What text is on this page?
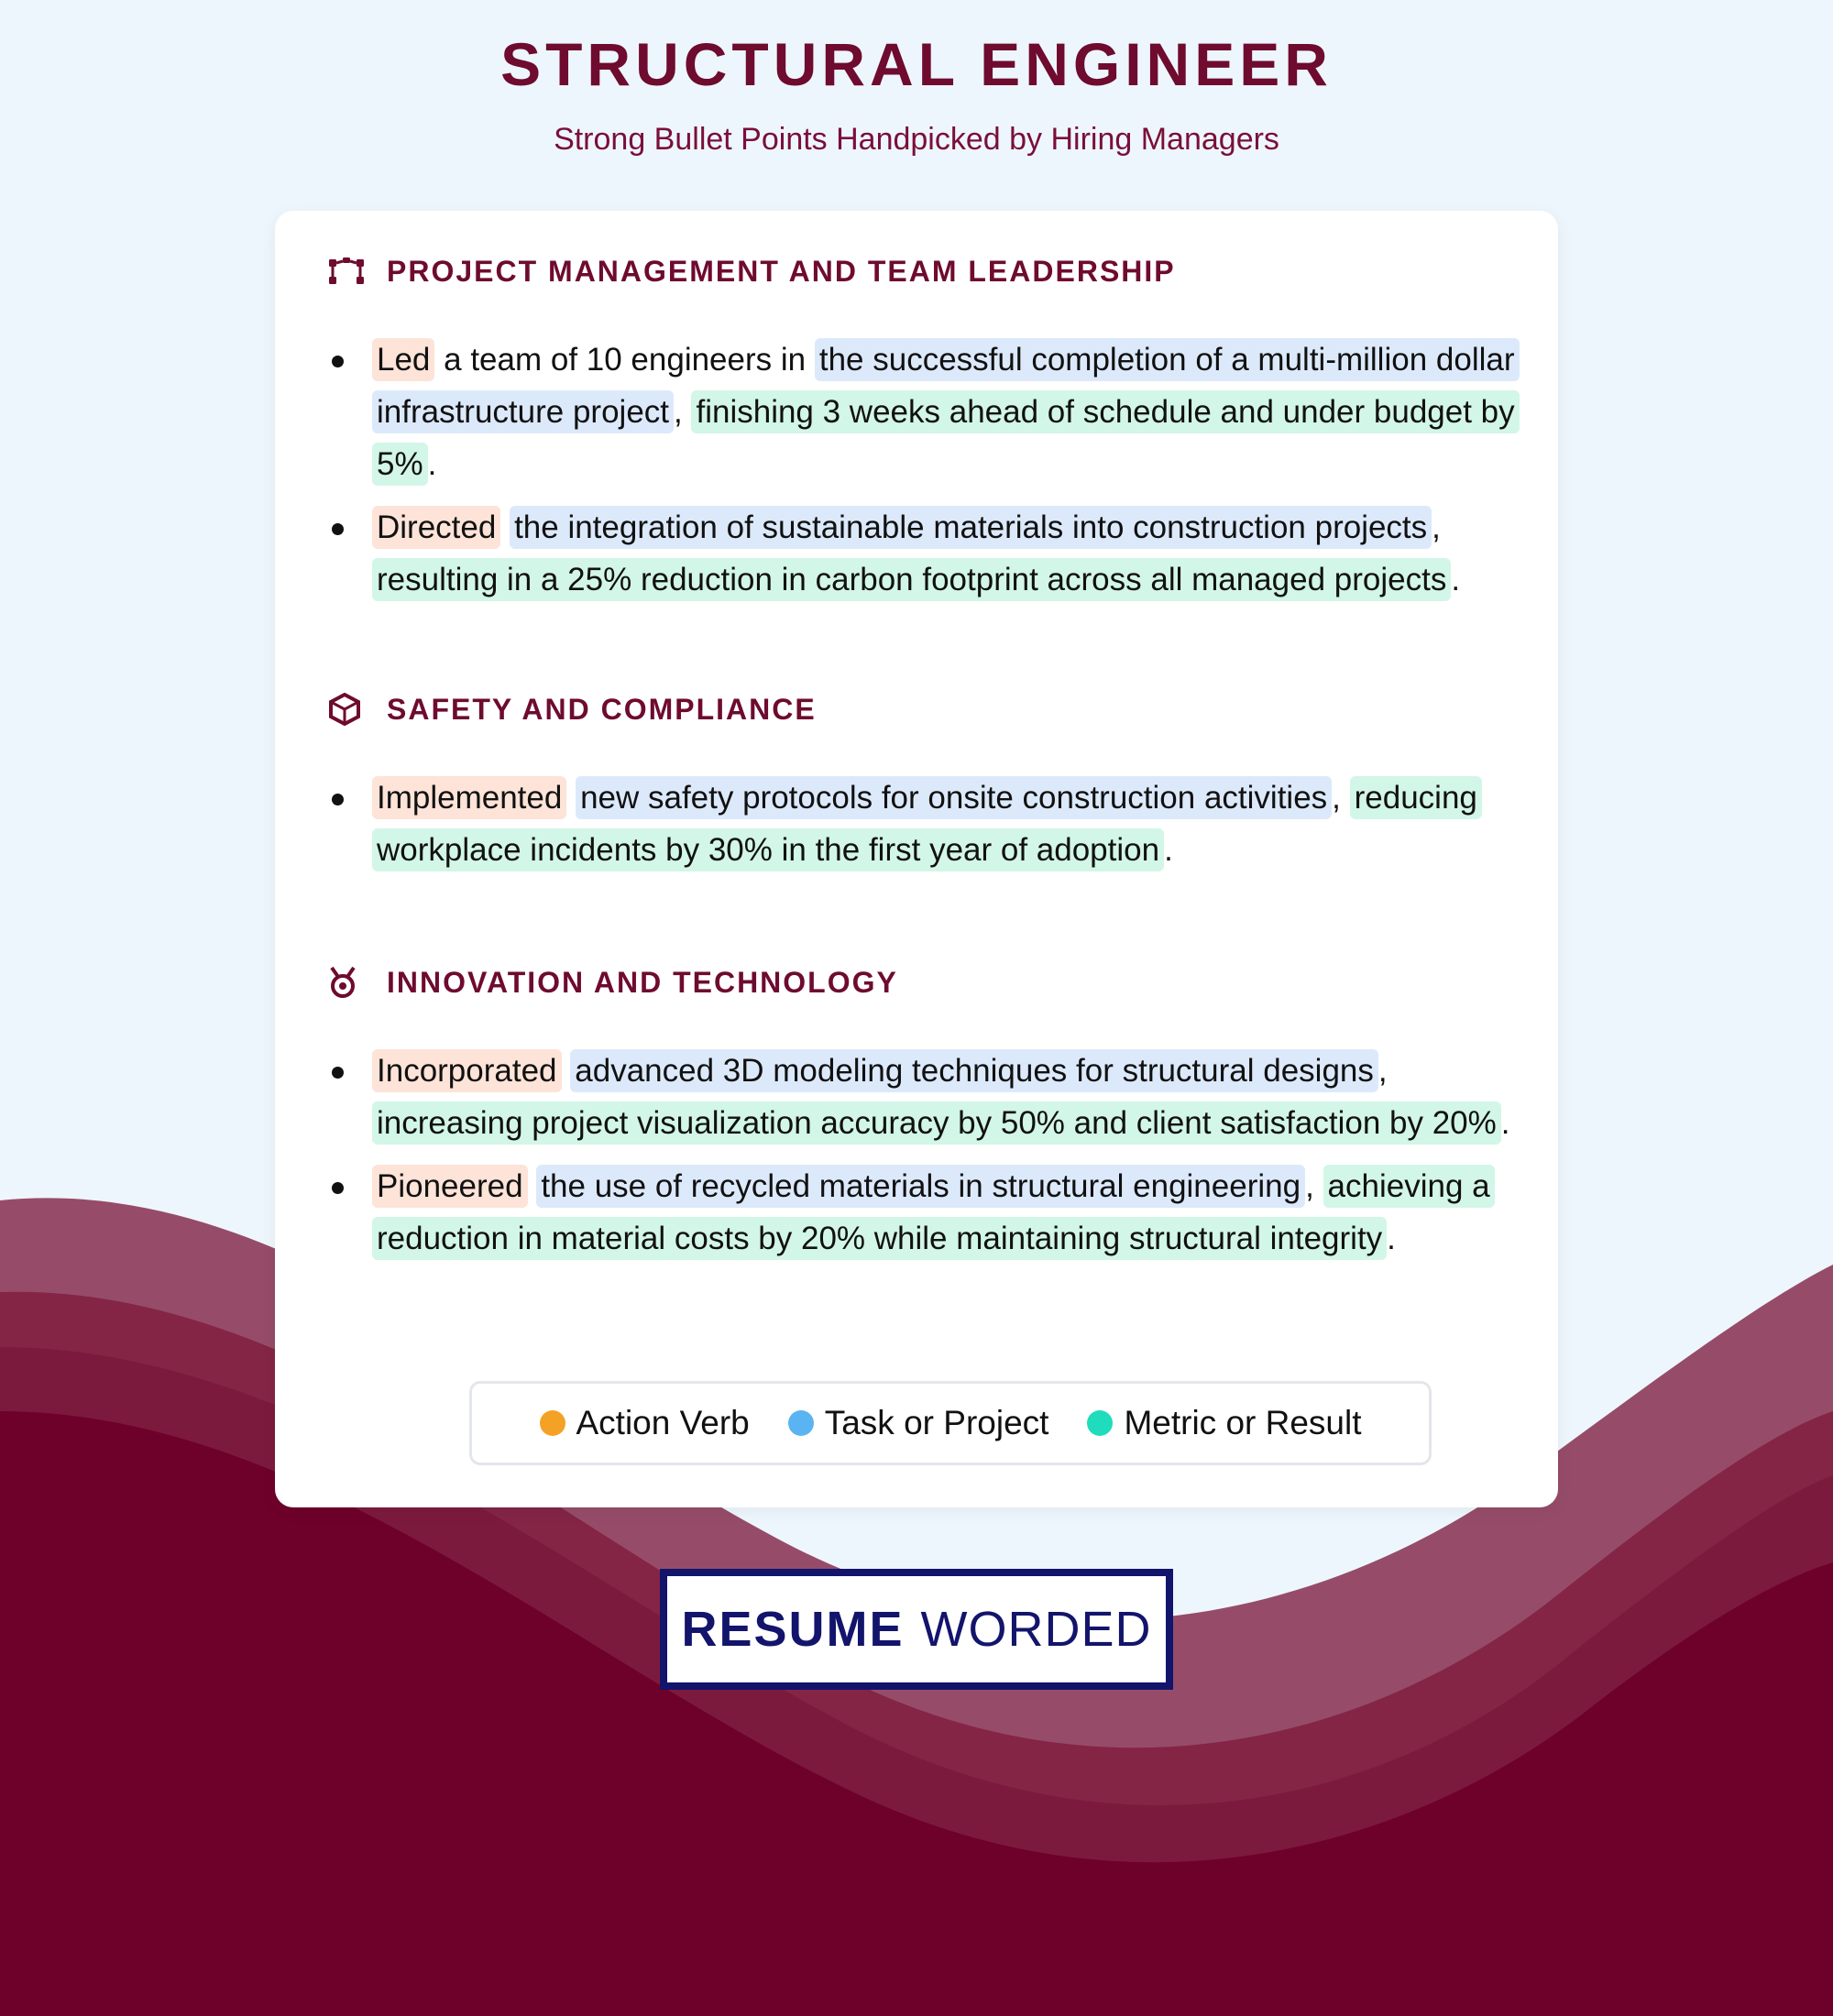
STRUCTURAL ENGINEER
Strong Bullet Points Handpicked by Hiring Managers
PROJECT MANAGEMENT AND TEAM LEADERSHIP
Led a team of 10 engineers in the successful completion of a multi-million dollar infrastructure project , finishing 3 weeks ahead of schedule and under budget by 5% .
Directed the integration of sustainable materials into construction projects , resulting in a 25% reduction in carbon footprint across all managed projects .
SAFETY AND COMPLIANCE
Implemented new safety protocols for onsite construction activities , reducing workplace incidents by 30% in the first year of adoption .
INNOVATION AND TECHNOLOGY
Incorporated advanced 3D modeling techniques for structural designs , increasing project visualization accuracy by 50% and client satisfaction by 20% .
Pioneered the use of recycled materials in structural engineering , achieving a reduction in material costs by 20% while maintaining structural integrity .
Action Verb Task or Project Metric or Result
RESUME WORDED
